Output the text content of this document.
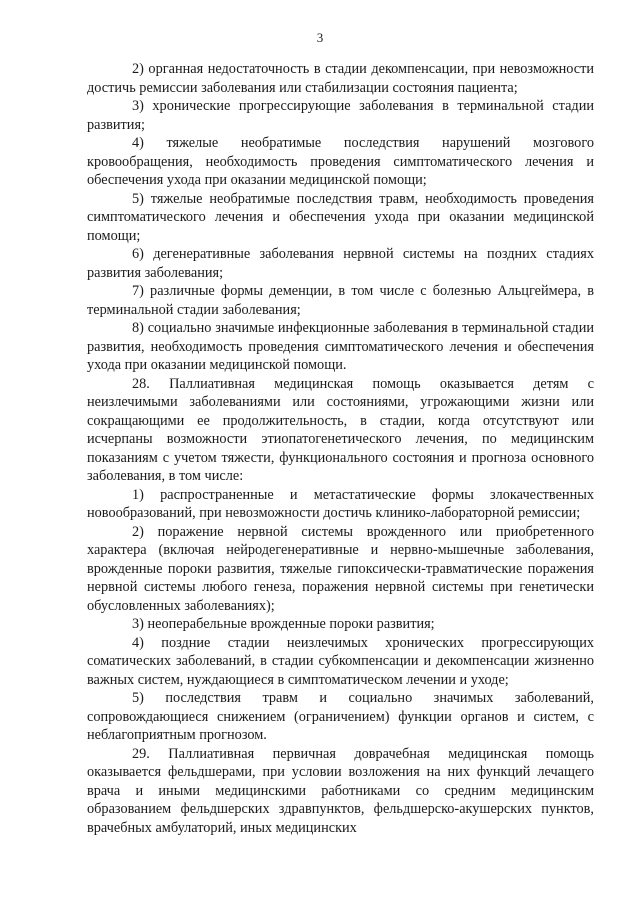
3

2) органная недостаточность в стадии декомпенсации, при невозможности достичь ремиссии заболевания или стабилизации состояния пациента;

3) хронические прогрессирующие заболевания в терминальной стадии развития;

4) тяжелые необратимые последствия нарушений мозгового кровообращения, необходимость проведения симптоматического лечения и обеспечения ухода при оказании медицинской помощи;

5) тяжелые необратимые последствия травм, необходимость проведения симптоматического лечения и обеспечения ухода при оказании медицинской помощи;

6) дегенеративные заболевания нервной системы на поздних стадиях развития заболевания;

7) различные формы деменции, в том числе с болезнью Альцгеймера, в терминальной стадии заболевания;

8) социально значимые инфекционные заболевания в терминальной стадии развития, необходимость проведения симптоматического лечения и обеспечения ухода при оказании медицинской помощи.

28. Паллиативная медицинская помощь оказывается детям с неизлечимыми заболеваниями или состояниями, угрожающими жизни или сокращающими ее продолжительность, в стадии, когда отсутствуют или исчерпаны возможности этиопатогенетического лечения, по медицинским показаниям с учетом тяжести, функционального состояния и прогноза основного заболевания, в том числе:

1) распространенные и метастатические формы злокачественных новообразований, при невозможности достичь клинико-лабораторной ремиссии;

2) поражение нервной системы врожденного или приобретенного характера (включая нейродегенеративные и нервно-мышечные заболевания, врожденные пороки развития, тяжелые гипоксически-травматические поражения нервной системы любого генеза, поражения нервной системы при генетически обусловленных заболеваниях);

3) неоперабельные врожденные пороки развития;

4) поздние стадии неизлечимых хронических прогрессирующих соматических заболеваний, в стадии субкомпенсации и декомпенсации жизненно важных систем, нуждающиеся в симптоматическом лечении и уходе;

5) последствия травм и социально значимых заболеваний, сопровождающиеся снижением (ограничением) функции органов и систем, с неблагоприятным прогнозом.

29. Паллиативная первичная доврачебная медицинская помощь оказывается фельдшерами, при условии возложения на них функций лечащего врача и иными медицинскими работниками со средним медицинским образованием фельдшерских здравпунктов, фельдшерско-акушерских пунктов, врачебных амбулаторий, иных медицинских
